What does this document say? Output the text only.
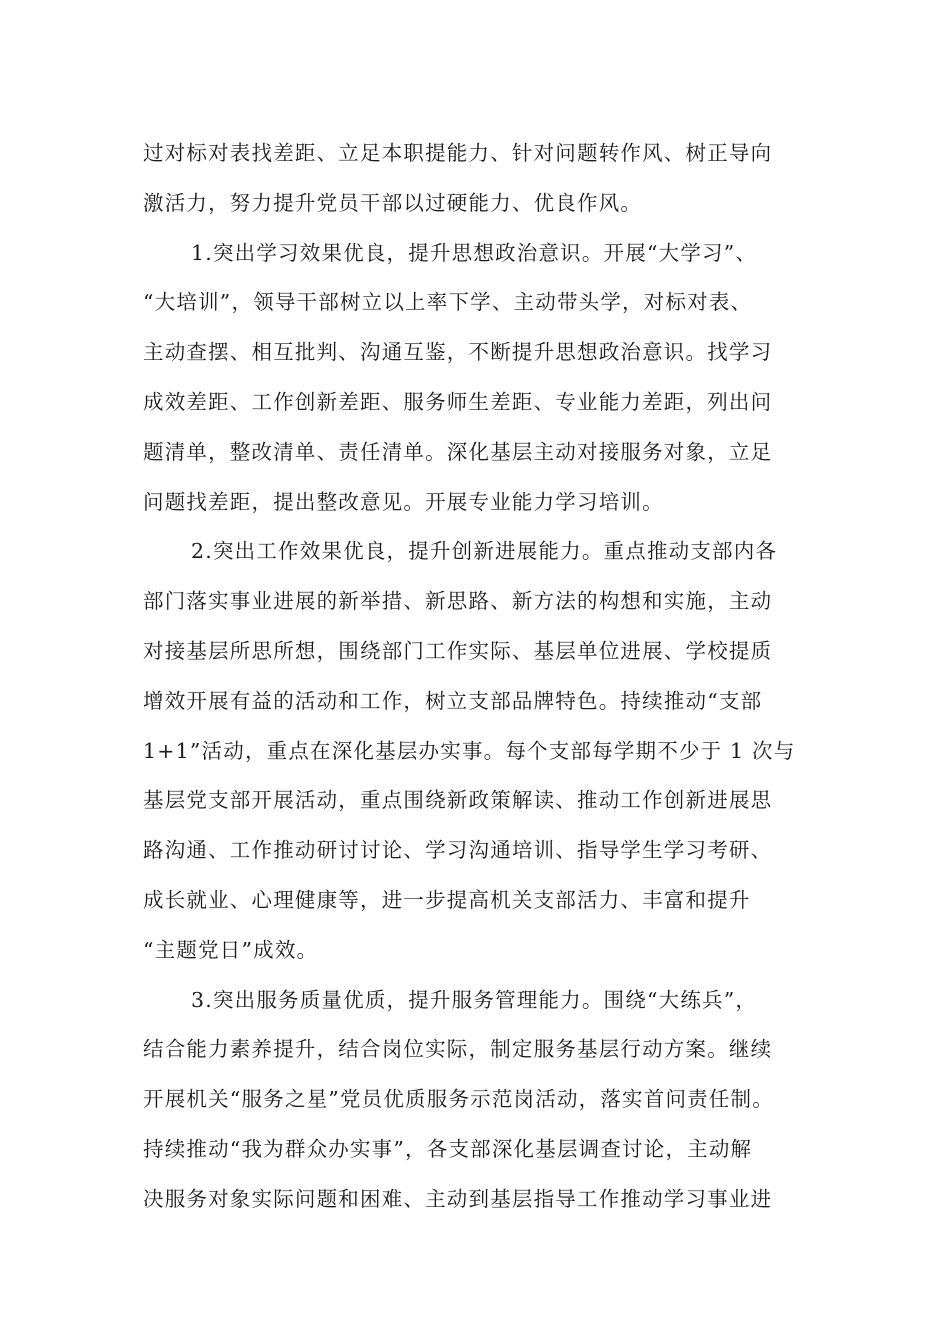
过对标对表找差距、立足本职提能力、针对问题转作风、树正导向
激活力，努力提升党员干部以过硬能力、优良作风。
1.突出学习效果优良，提升思想政治意识。开展“大学习”、
“大培训”，领导干部树立以上率下学、主动带头学，对标对表、
主动查摆、相互批判、沟通互鉴，不断提升思想政治意识。找学习
成效差距、工作创新差距、服务师生差距、专业能力差距，列出问
题清单，整改清单、责任清单。深化基层主动对接服务对象，立足
问题找差距，提出整改意见。开展专业能力学习培训。
2.突出工作效果优良，提升创新进展能力。重点推动支部内各
部门落实事业进展的新举措、新思路、新方法的构想和实施，主动
对接基层所思所想，围绕部门工作实际、基层单位进展、学校提质
增效开展有益的活动和工作，树立支部品牌特色。持续推动“支部
1+1”活动，重点在深化基层办实事。每个支部每学期不少于 1 次与
基层党支部开展活动，重点围绕新政策解读、推动工作创新进展思
路沟通、工作推动研讨讨论、学习沟通培训、指导学生学习考研、
成长就业、心理健康等，进一步提高机关支部活力、丰富和提升
“主题党日”成效。
3.突出服务质量优质，提升服务管理能力。围绕“大练兵”，
结合能力素养提升，结合岗位实际，制定服务基层行动方案。继续
开展机关“服务之星”党员优质服务示范岗活动，落实首问责任制。
持续推动“我为群众办实事”，各支部深化基层调查讨论，主动解
决服务对象实际问题和困难、主动到基层指导工作推动学习事业进
